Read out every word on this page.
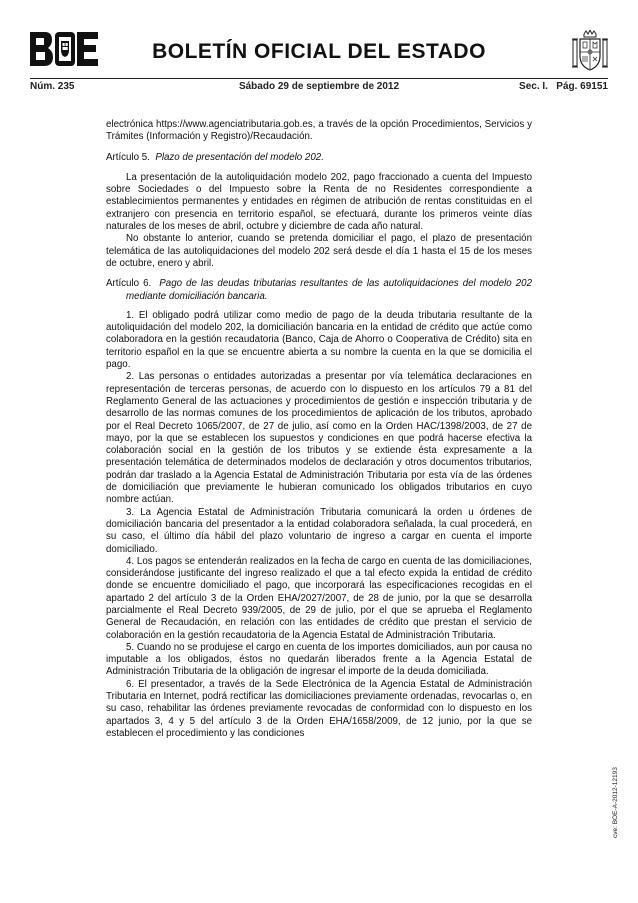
BOLETÍN OFICIAL DEL ESTADO
Núm. 235	Sábado 29 de septiembre de 2012	Sec. I.   Pág. 69151

electrónica https://www.agenciatributaria.gob.es, a través de la opción Procedimientos, Servicios y Trámites (Información y Registro)/Recaudación.

Artículo 5. Plazo de presentación del modelo 202.

La presentación de la autoliquidación modelo 202, pago fraccionado a cuenta del Impuesto sobre Sociedades o del Impuesto sobre la Renta de no Residentes correspondiente a establecimientos permanentes y entidades en régimen de atribución de rentas constituidas en el extranjero con presencia en territorio español, se efectuará, durante los primeros veinte días naturales de los meses de abril, octubre y diciembre de cada año natural.

No obstante lo anterior, cuando se pretenda domiciliar el pago, el plazo de presentación telemática de las autoliquidaciones del modelo 202 será desde el día 1 hasta el 15 de los meses de octubre, enero y abril.

Artículo 6. Pago de las deudas tributarias resultantes de las autoliquidaciones del modelo 202 mediante domiciliación bancaria.

1. El obligado podrá utilizar como medio de pago de la deuda tributaria resultante de la autoliquidación del modelo 202, la domiciliación bancaria en la entidad de crédito que actúe como colaboradora en la gestión recaudatoria (Banco, Caja de Ahorro o Cooperativa de Crédito) sita en territorio español en la que se encuentre abierta a su nombre la cuenta en la que se domicilia el pago.

2. Las personas o entidades autorizadas a presentar por vía telemática declaraciones en representación de terceras personas, de acuerdo con lo dispuesto en los artículos 79 a 81 del Reglamento General de las actuaciones y procedimientos de gestión e inspección tributaria y de desarrollo de las normas comunes de los procedimientos de aplicación de los tributos, aprobado por el Real Decreto 1065/2007, de 27 de julio, así como en la Orden HAC/1398/2003, de 27 de mayo, por la que se establecen los supuestos y condiciones en que podrá hacerse efectiva la colaboración social en la gestión de los tributos y se extiende ésta expresamente a la presentación telemática de determinados modelos de declaración y otros documentos tributarios, podrán dar traslado a la Agencia Estatal de Administración Tributaria por esta vía de las órdenes de domiciliación que previamente le hubieran comunicado los obligados tributarios en cuyo nombre actúan.

3. La Agencia Estatal de Administración Tributaria comunicará la orden u órdenes de domiciliación bancaria del presentador a la entidad colaboradora señalada, la cual procederá, en su caso, el último día hábil del plazo voluntario de ingreso a cargar en cuenta el importe domiciliado.

4. Los pagos se entenderán realizados en la fecha de cargo en cuenta de las domiciliaciones, considerándose justificante del ingreso realizado el que a tal efecto expida la entidad de crédito donde se encuentre domiciliado el pago, que incorporará las especificaciones recogidas en el apartado 2 del artículo 3 de la Orden EHA/2027/2007, de 28 de junio, por la que se desarrolla parcialmente el Real Decreto 939/2005, de 29 de julio, por el que se aprueba el Reglamento General de Recaudación, en relación con las entidades de crédito que prestan el servicio de colaboración en la gestión recaudatoria de la Agencia Estatal de Administración Tributaria.

5. Cuando no se produjese el cargo en cuenta de los importes domiciliados, aun por causa no imputable a los obligados, éstos no quedarán liberados frente a la Agencia Estatal de Administración Tributaria de la obligación de ingresar el importe de la deuda domiciliada.

6. El presentador, a través de la Sede Electrónica de la Agencia Estatal de Administración Tributaria en Internet, podrá rectificar las domiciliaciones previamente ordenadas, revocarlas o, en su caso, rehabilitar las órdenes previamente revocadas de conformidad con lo dispuesto en los apartados 3, 4 y 5 del artículo 3 de la Orden EHA/1658/2009, de 12 junio, por la que se establecen el procedimiento y las condiciones

cve: BOE-A-2012-12193
